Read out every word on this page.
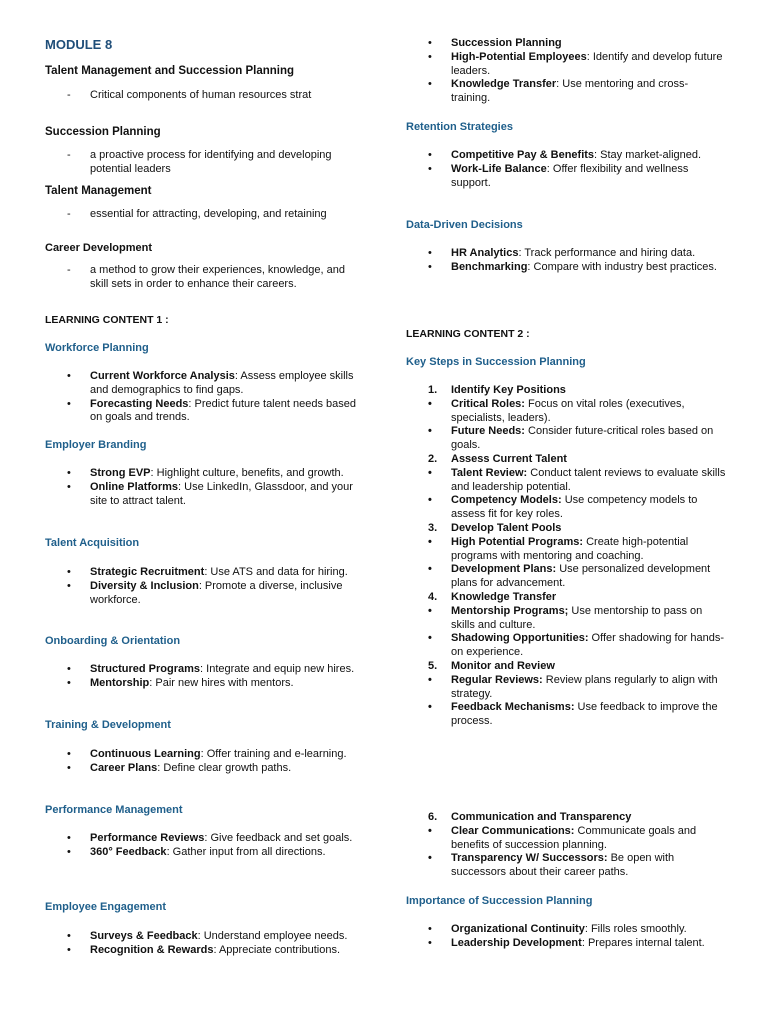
MODULE 8
Talent Management and Succession Planning
- Critical components of human resources strat
Succession Planning
- a proactive process for identifying and developing potential leaders
Talent Management
- essential for attracting, developing, and retaining
Career Development
- a method to grow their experiences, knowledge, and skill sets in order to enhance their careers.
LEARNING CONTENT 1 :
Workforce Planning
• Current Workforce Analysis: Assess employee skills and demographics to find gaps.
• Forecasting Needs: Predict future talent needs based on goals and trends.
Employer Branding
• Strong EVP: Highlight culture, benefits, and growth.
• Online Platforms: Use LinkedIn, Glassdoor, and your site to attract talent.
Talent Acquisition
• Strategic Recruitment: Use ATS and data for hiring.
• Diversity & Inclusion: Promote a diverse, inclusive workforce.
Onboarding & Orientation
• Structured Programs: Integrate and equip new hires.
• Mentorship: Pair new hires with mentors.
Training & Development
• Continuous Learning: Offer training and e-learning.
• Career Plans: Define clear growth paths.
Performance Management
• Performance Reviews: Give feedback and set goals.
• 360° Feedback: Gather input from all directions.
Employee Engagement
• Surveys & Feedback: Understand employee needs.
• Recognition & Rewards: Appreciate contributions.
• Succession Planning
• High-Potential Employees: Identify and develop future leaders.
• Knowledge Transfer: Use mentoring and cross-training.
Retention Strategies
• Competitive Pay & Benefits: Stay market-aligned.
• Work-Life Balance: Offer flexibility and wellness support.
Data-Driven Decisions
• HR Analytics: Track performance and hiring data.
• Benchmarking: Compare with industry best practices.
LEARNING CONTENT 2 :
Key Steps in Succession Planning
1. Identify Key Positions
• Critical Roles: Focus on vital roles (executives, specialists, leaders).
• Future Needs: Consider future-critical roles based on goals.
2. Assess Current Talent
• Talent Review: Conduct talent reviews to evaluate skills and leadership potential.
• Competency Models: Use competency models to assess fit for key roles.
3. Develop Talent Pools
• High Potential Programs: Create high-potential programs with mentoring and coaching.
• Development Plans: Use personalized development plans for advancement.
4. Knowledge Transfer
• Mentorship Programs; Use mentorship to pass on skills and culture.
• Shadowing Opportunities: Offer shadowing for hands-on experience.
5. Monitor and Review
• Regular Reviews: Review plans regularly to align with strategy.
• Feedback Mechanisms: Use feedback to improve the process.
6. Communication and Transparency
• Clear Communications: Communicate goals and benefits of succession planning.
• Transparency W/ Successors: Be open with successors about their career paths.
Importance of Succession Planning
• Organizational Continuity: Fills roles smoothly.
• Leadership Development: Prepares internal talent.
